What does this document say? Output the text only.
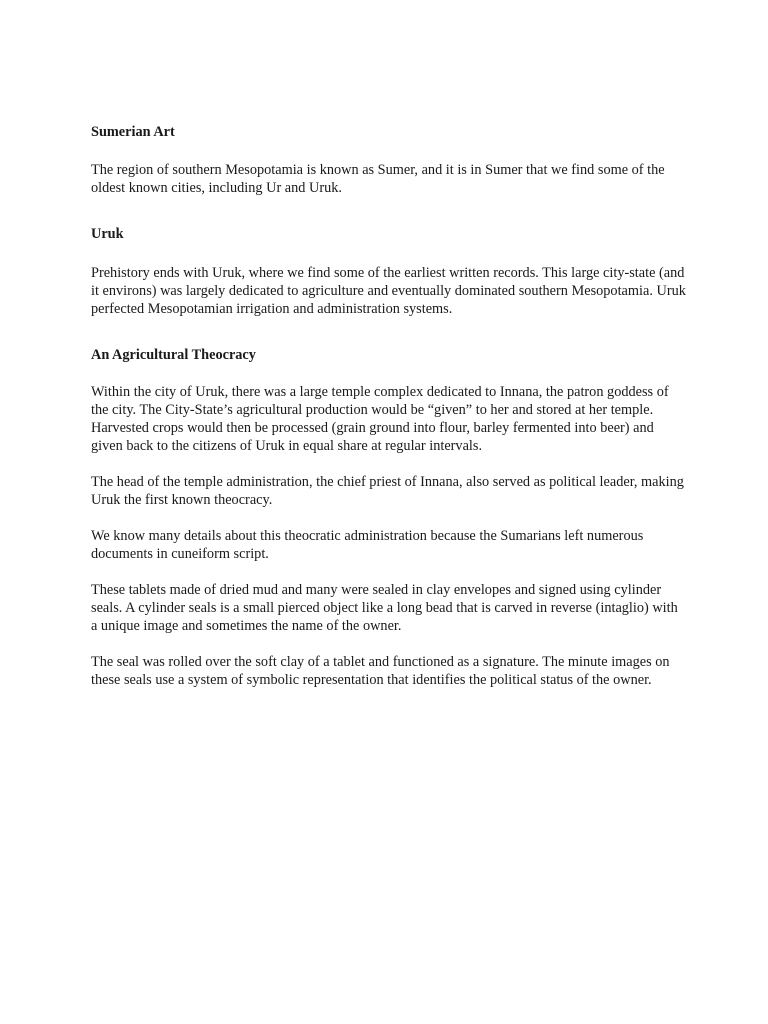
Sumerian Art

The region of southern Mesopotamia is known as Sumer, and it is in Sumer that we find some of the oldest known cities, including Ur and Uruk.

Uruk

Prehistory ends with Uruk, where we find some of the earliest written records. This large city-state (and it environs) was largely dedicated to agriculture and eventually dominated southern Mesopotamia. Uruk perfected Mesopotamian irrigation and administration systems.

An Agricultural Theocracy

Within the city of Uruk, there was a large temple complex dedicated to Innana, the patron goddess of the city. The City-State’s agricultural production would be “given” to her and stored at her temple. Harvested crops would then be processed (grain ground into flour, barley fermented into beer) and given back to the citizens of Uruk in equal share at regular intervals.

The head of the temple administration, the chief priest of Innana, also served as political leader, making Uruk the first known theocracy.

We know many details about this theocratic administration because the Sumarians left numerous documents in cuneiform script.

These tablets made of dried mud and many were sealed in clay envelopes and signed using cylinder seals. A cylinder seals is a small pierced object like a long bead that is carved in reverse (intaglio) with a unique image and sometimes the name of the owner.

The seal was rolled over the soft clay of a tablet and functioned as a signature. The minute images on these seals use a system of symbolic representation that identifies the political status of the owner.
